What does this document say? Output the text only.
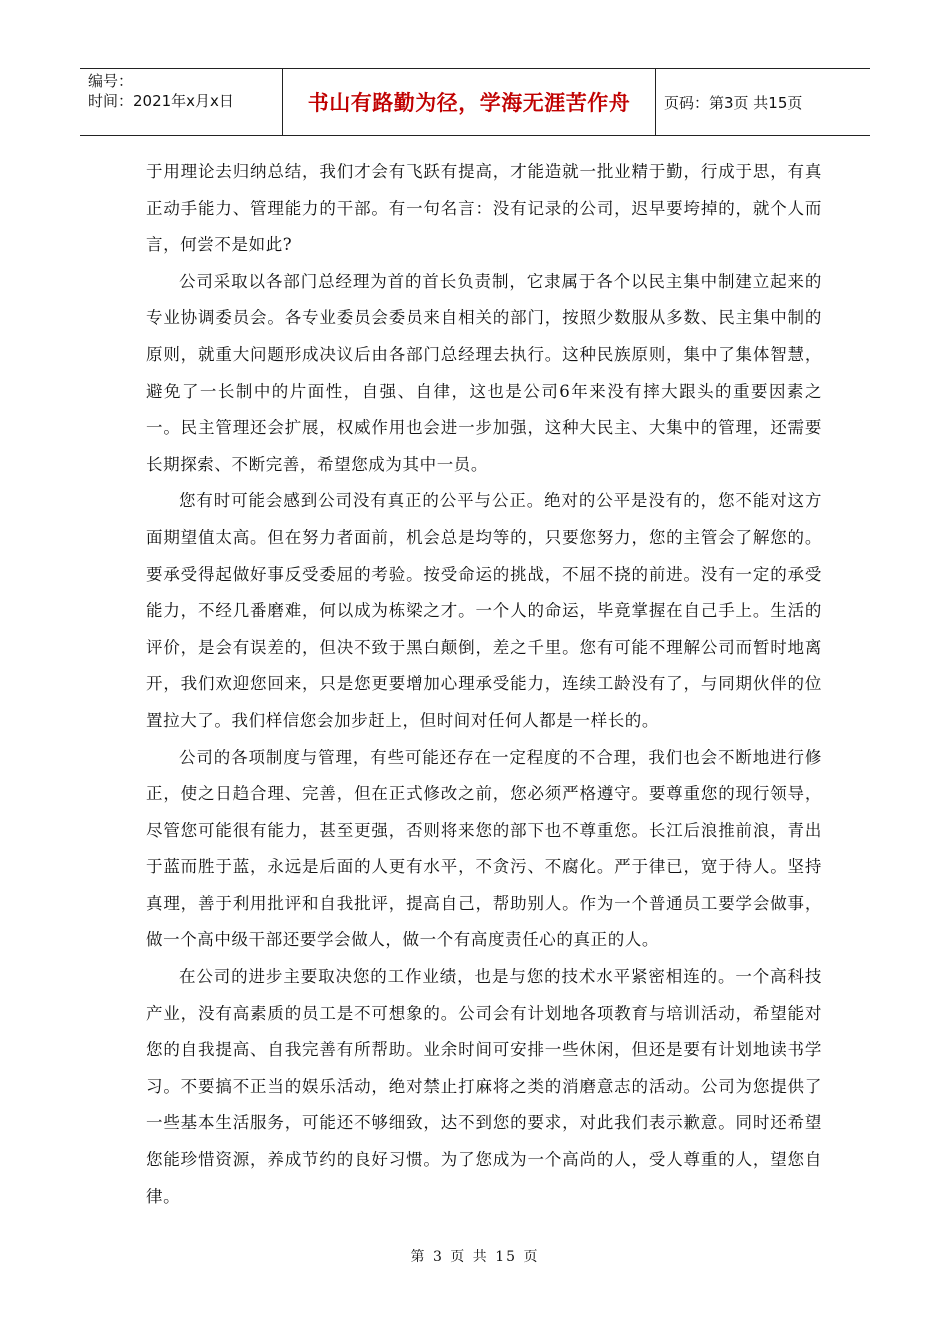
编号：
时间：2021年x月x日	书山有路勤为径，学海无涯苦作舟	页码：第3页 共15页

于用理论去归纳总结，我们才会有飞跃有提高，才能造就一批业精于勤，行成于思，有真正动手能力、管理能力的干部。有一句名言：没有记录的公司，迟早要垮掉的，就个人而言，何尝不是如此?

公司采取以各部门总经理为首的首长负责制，它隶属于各个以民主集中制建立起来的专业协调委员会。各专业委员会委员来自相关的部门，按照少数服从多数、民主集中制的原则，就重大问题形成决议后由各部门总经理去执行。这种民族原则，集中了集体智慧，避免了一长制中的片面性，自强、自律，这也是公司6年来没有摔大跟头的重要因素之一。民主管理还会扩展，权威作用也会进一步加强，这种大民主、大集中的管理，还需要长期探索、不断完善，希望您成为其中一员。

您有时可能会感到公司没有真正的公平与公正。绝对的公平是没有的，您不能对这方面期望值太高。但在努力者面前，机会总是均等的，只要您努力，您的主管会了解您的。要承受得起做好事反受委屈的考验。按受命运的挑战，不屈不挠的前进。没有一定的承受能力，不经几番磨难，何以成为栋梁之才。一个人的命运，毕竟掌握在自己手上。生活的评价，是会有误差的，但决不致于黑白颠倒，差之千里。您有可能不理解公司而暂时地离开，我们欢迎您回来，只是您更要增加心理承受能力，连续工龄没有了，与同期伙伴的位置拉大了。我们样信您会加步赶上，但时间对任何人都是一样长的。

公司的各项制度与管理，有些可能还存在一定程度的不合理，我们也会不断地进行修正，使之日趋合理、完善，但在正式修改之前，您必须严格遵守。要尊重您的现行领导，尽管您可能很有能力，甚至更强，否则将来您的部下也不尊重您。长江后浪推前浪，青出于蓝而胜于蓝，永远是后面的人更有水平，不贪污、不腐化。严于律已，宽于待人。坚持真理，善于利用批评和自我批评，提高自己，帮助别人。作为一个普通员工要学会做事，做一个高中级干部还要学会做人，做一个有高度责任心的真正的人。

在公司的进步主要取决您的工作业绩，也是与您的技术水平紧密相连的。一个高科技产业，没有高素质的员工是不可想象的。公司会有计划地各项教育与培训活动，希望能对您的自我提高、自我完善有所帮助。业余时间可安排一些休闲，但还是要有计划地读书学习。不要搞不正当的娱乐活动，绝对禁止打麻将之类的消磨意志的活动。公司为您提供了一些基本生活服务，可能还不够细致，达不到您的要求，对此我们表示歉意。同时还希望您能珍惜资源，养成节约的良好习惯。为了您成为一个高尚的人，受人尊重的人，望您自律。

第 3 页 共 15 页
